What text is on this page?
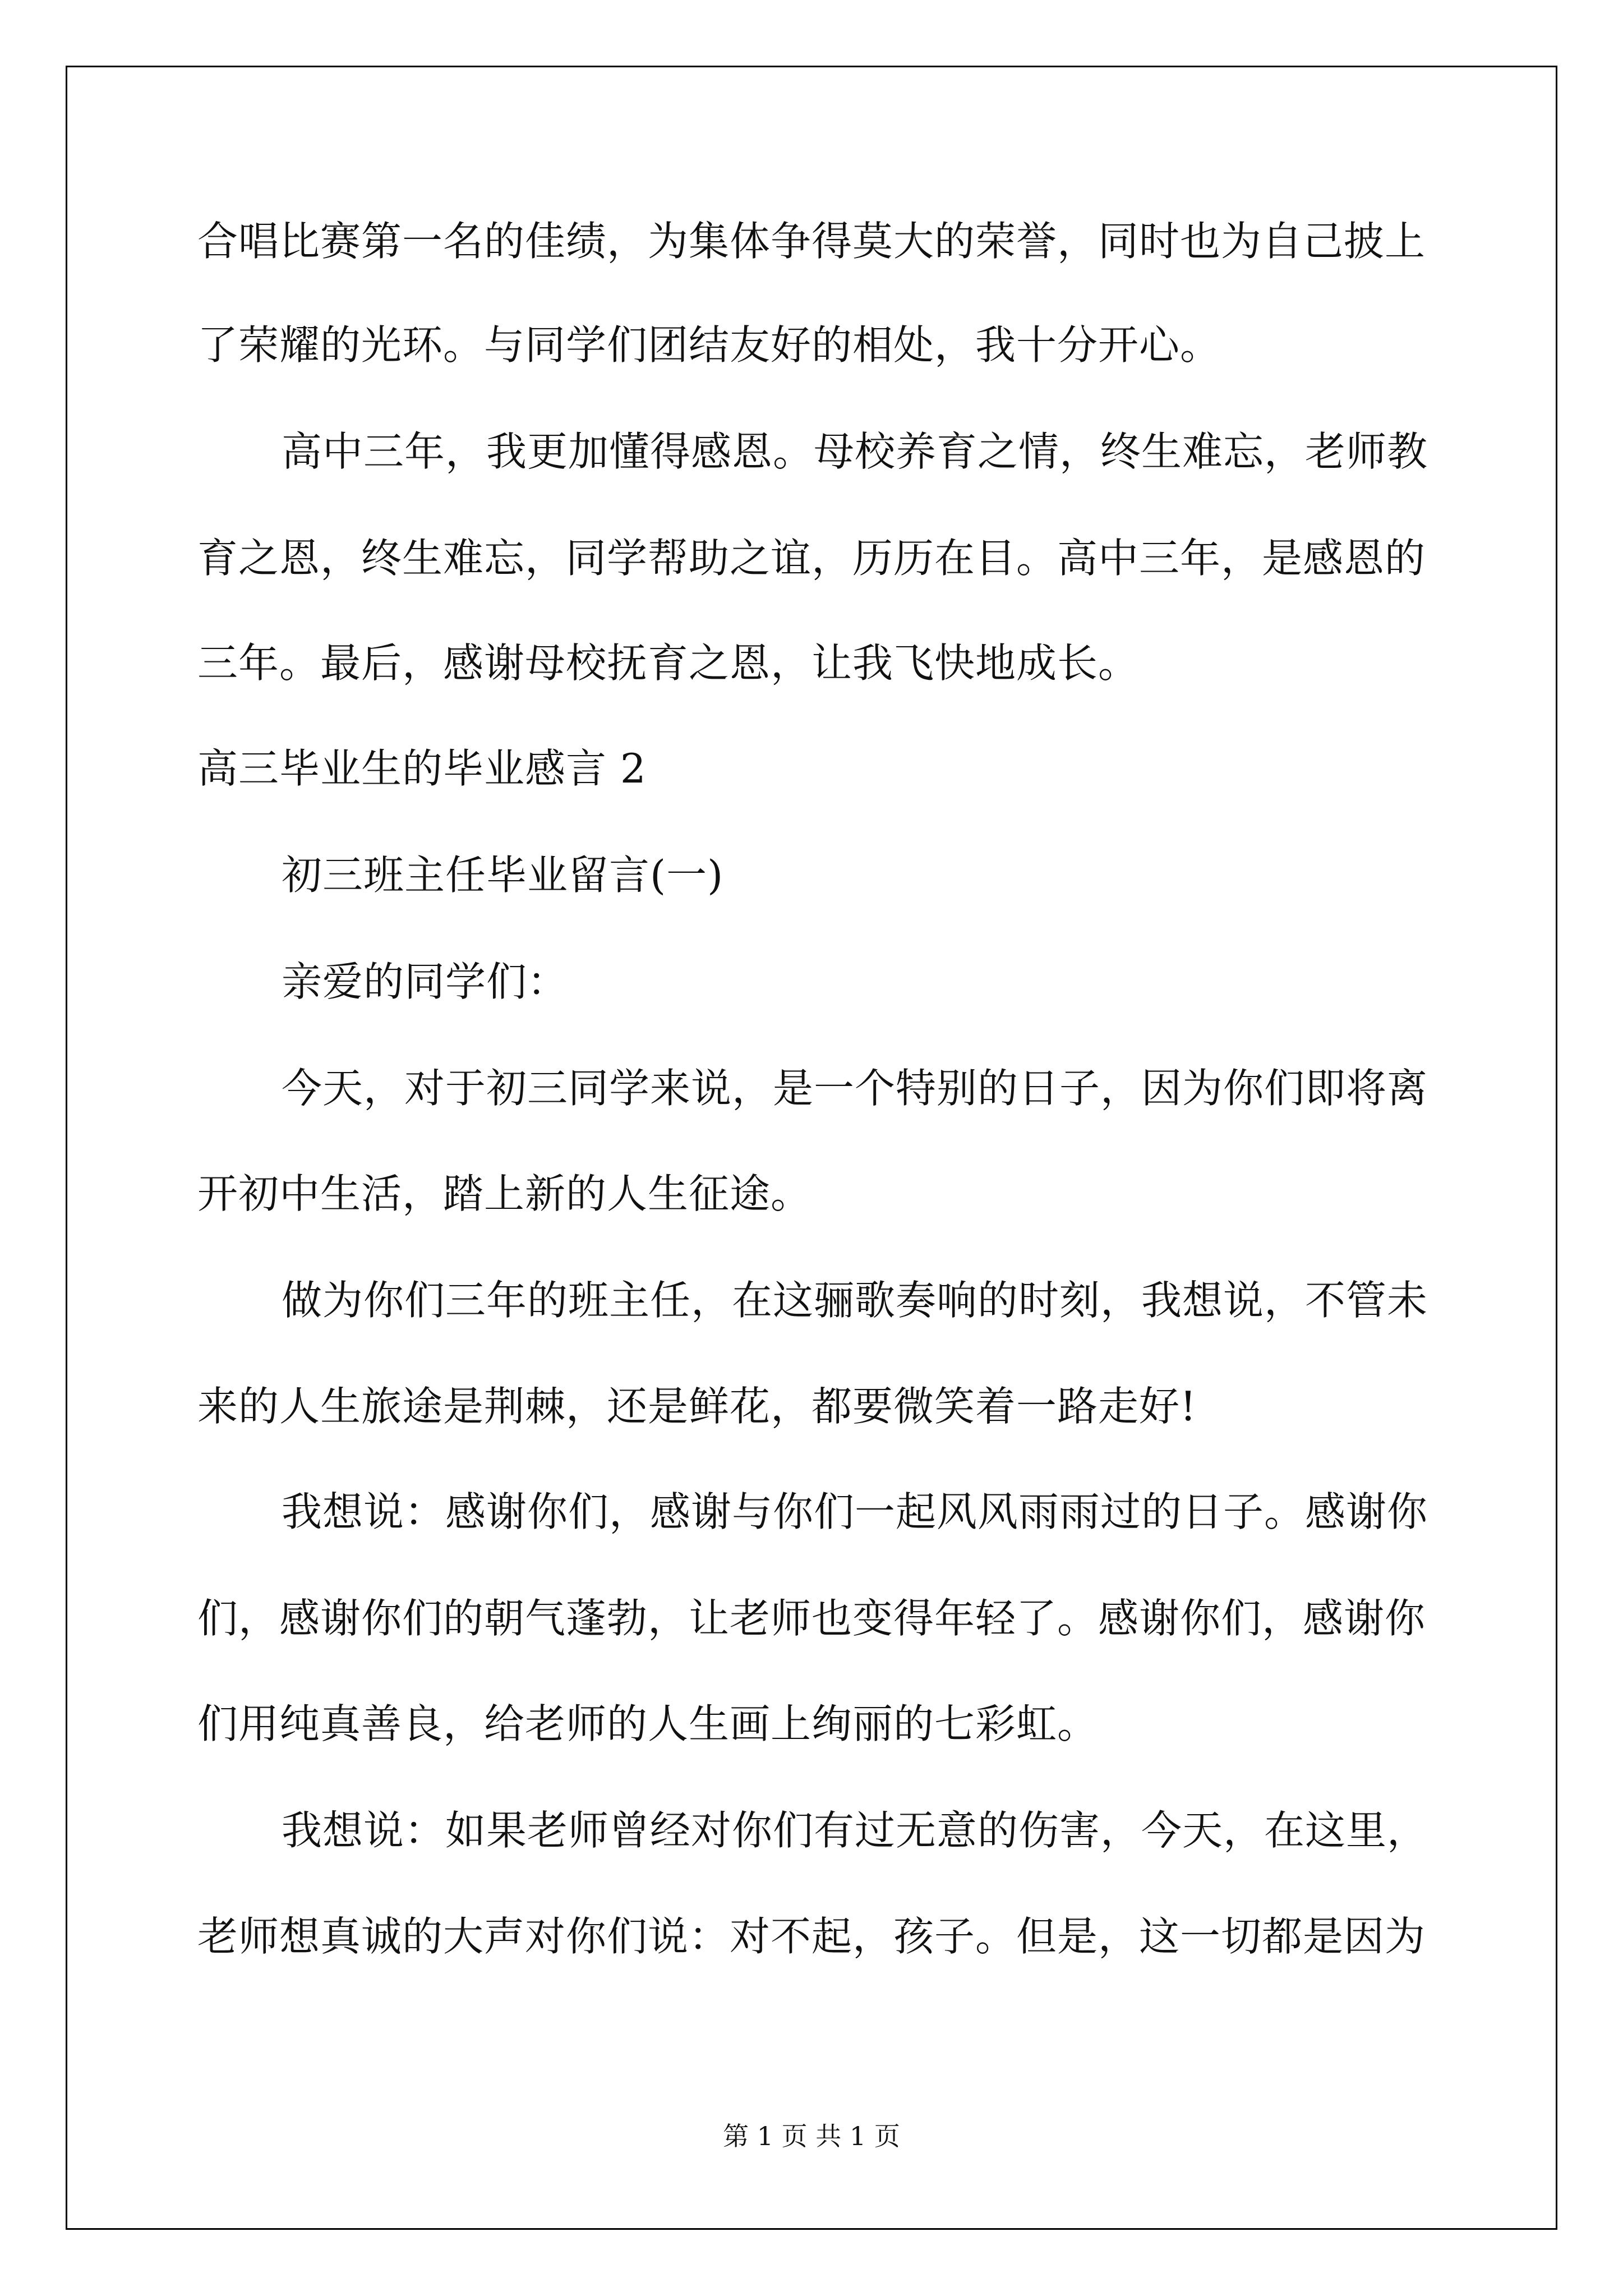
合唱比赛第一名的佳绩，为集体争得莫大的荣誉，同时也为自己披上
了荣耀的光环。与同学们团结友好的相处，我十分开心。
高中三年，我更加懂得感恩。母校养育之情，终生难忘，老师教
育之恩，终生难忘，同学帮助之谊，历历在目。高中三年，是感恩的
三年。最后，感谢母校抚育之恩，让我飞快地成长。
高三毕业生的毕业感言 2
初三班主任毕业留言(一)
亲爱的同学们：
今天，对于初三同学来说，是一个特别的日子，因为你们即将离
开初中生活，踏上新的人生征途。
做为你们三年的班主任，在这骊歌奏响的时刻，我想说，不管未
来的人生旅途是荆棘，还是鲜花，都要微笑着一路走好!
我想说：感谢你们，感谢与你们一起风风雨雨过的日子。感谢你
们，感谢你们的朝气蓬勃，让老师也变得年轻了。感谢你们，感谢你
们用纯真善良，给老师的人生画上绚丽的七彩虹。
我想说：如果老师曾经对你们有过无意的伤害，今天，在这里，
老师想真诚的大声对你们说：对不起，孩子。但是，这一切都是因为
第 1 页 共 1 页
